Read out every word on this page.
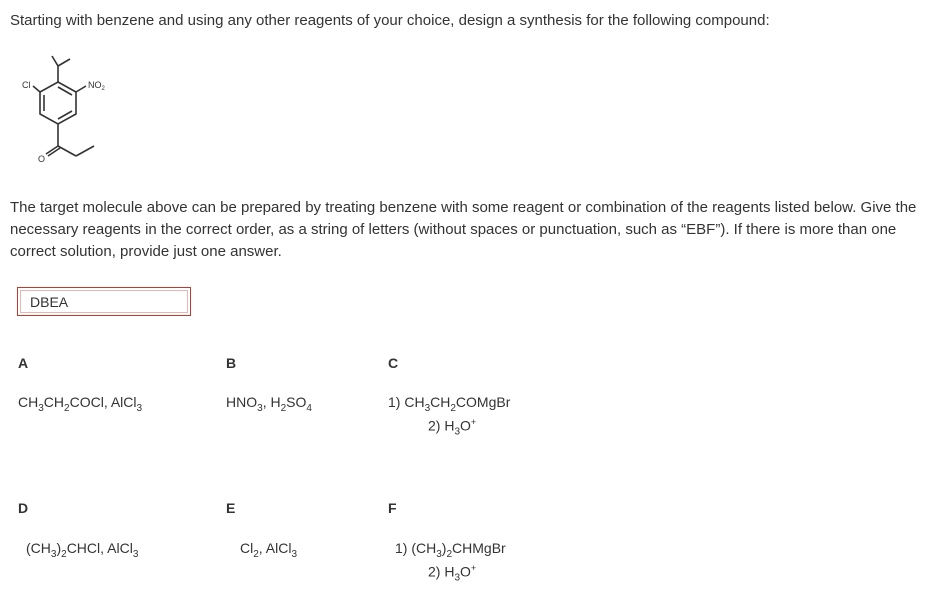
Starting with benzene and using any other reagents of your choice, design a synthesis for the following compound:
Cl	$NO_2$
O
The target molecule above can be prepared by treating benzene with some reagent or combination of the reagents listed below. Give the necessary reagents in the correct order, as a string of letters (without spaces or punctuation, such as “EBF”). If there is more than one correct solution, provide just one answer.
DBEA
A
$CH_3CH_2COCl$, AlCl$_3$
B
$HNO_3$, $H_2SO_4$
C
1) $CH_3CH_2COMgBr$
2) $H_3O^+$
D
$(CH_3)_2CHCl$, AlCl$_3$
E
$Cl_2$, AlCl$_3$
F
1) $(CH_3)_2CHMgBr$
2) $H_3O^+$
